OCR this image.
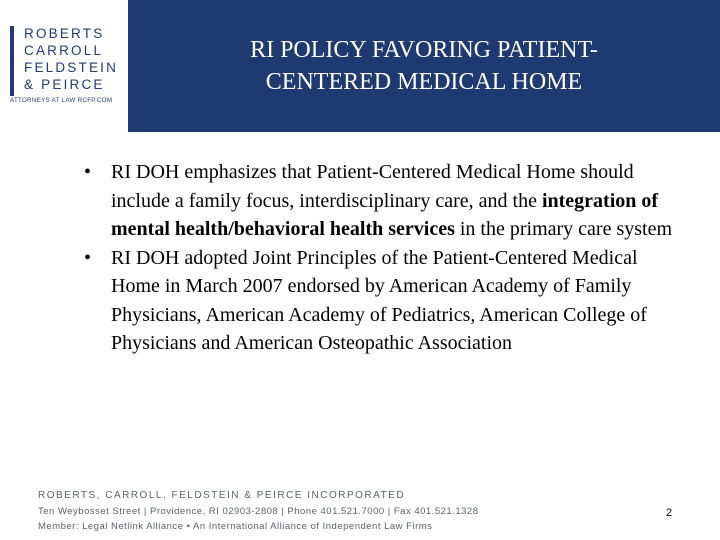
ROBERTS
CARROLL
FELDSTEIN
& PEIRCE
ATTORNEYS AT LAW RCFP.COM
RI POLICY FAVORING PATIENT-
CENTERED MEDICAL HOME
• RI DOH emphasizes that Patient-Centered Medical Home should include a family focus, interdisciplinary care, and the integration of mental health/behavioral health services in the primary care system
• RI DOH adopted Joint Principles of the Patient-Centered Medical Home in March 2007 endorsed by American Academy of Family Physicians, American Academy of Pediatrics, American College of Physicians and American Osteopathic Association
ROBERTS, CARROLL, FELDSTEIN & PEIRCE INCORPORATED
Ten Weybosset Street | Providence, RI 02903-2808 | Phone 401.521.7000 | Fax 401.521.1328
Member: Legal Netlink Alliance • An International Alliance of Independent Law Firms
2
